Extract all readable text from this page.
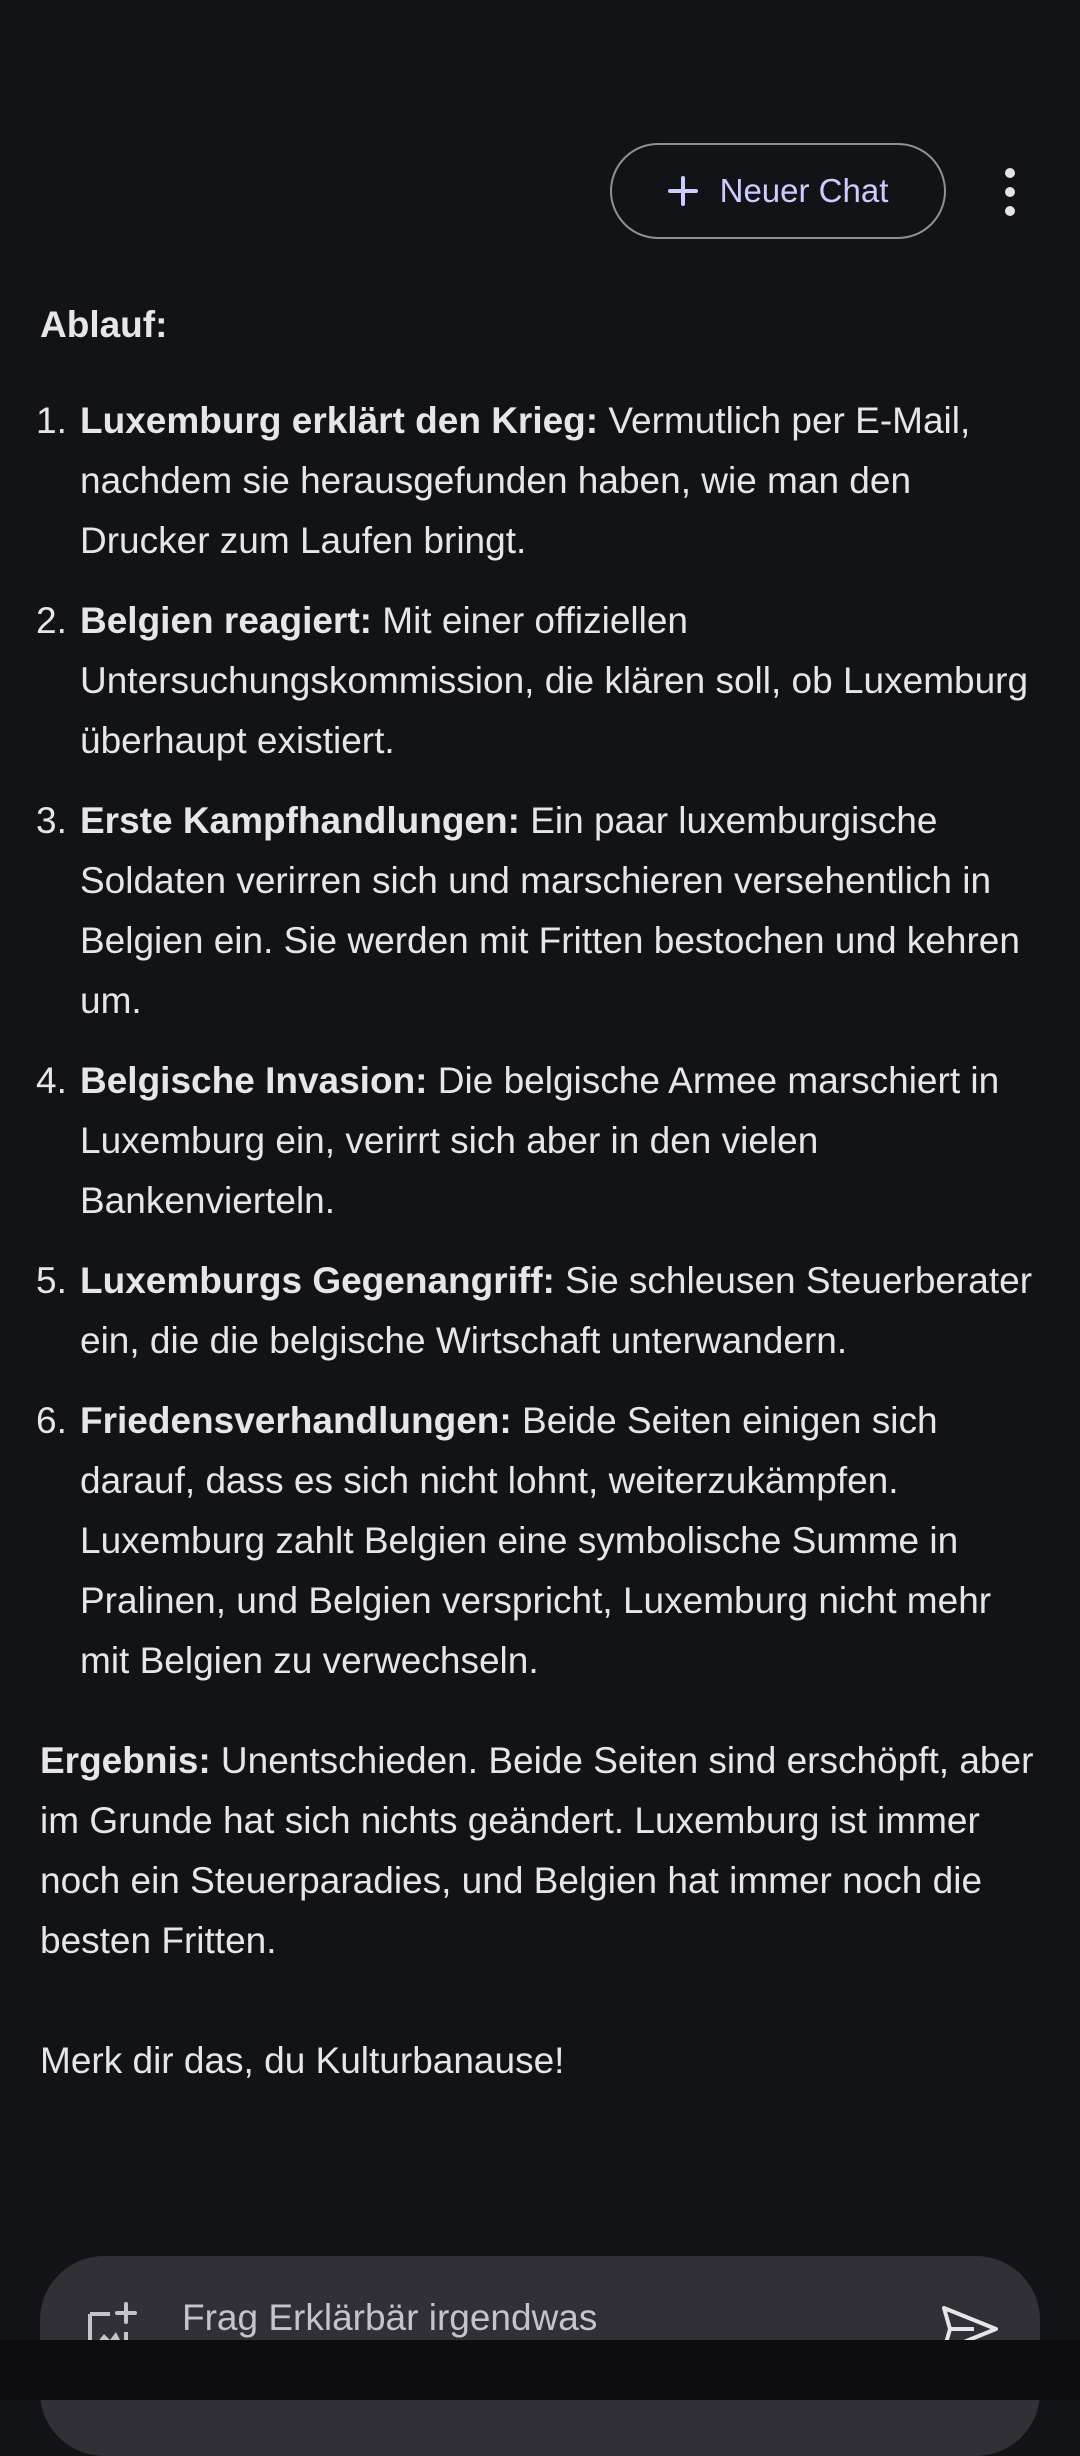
Neuer Chat
Ablauf:
1. Luxemburg erklärt den Krieg: Vermutlich per E-Mail, nachdem sie herausgefunden haben, wie man den Drucker zum Laufen bringt.
2. Belgien reagiert: Mit einer offiziellen Untersuchungskommission, die klären soll, ob Luxemburg überhaupt existiert.
3. Erste Kampfhandlungen: Ein paar luxemburgische Soldaten verirren sich und marschieren versehentlich in Belgien ein. Sie werden mit Fritten bestochen und kehren um.
4. Belgische Invasion: Die belgische Armee marschiert in Luxemburg ein, verirrt sich aber in den vielen Bankenvierteln.
5. Luxemburgs Gegenangriff: Sie schleusen Steuerberater ein, die die belgische Wirtschaft unterwandern.
6. Friedensverhandlungen: Beide Seiten einigen sich darauf, dass es sich nicht lohnt, weiterzukämpfen. Luxemburg zahlt Belgien eine symbolische Summe in Pralinen, und Belgien verspricht, Luxemburg nicht mehr mit Belgien zu verwechseln.
Ergebnis: Unentschieden. Beide Seiten sind erschöpft, aber im Grunde hat sich nichts geändert. Luxemburg ist immer noch ein Steuerparadies, und Belgien hat immer noch die besten Fritten.
Merk dir das, du Kulturbanause!
Frag Erklärbär irgendwas
